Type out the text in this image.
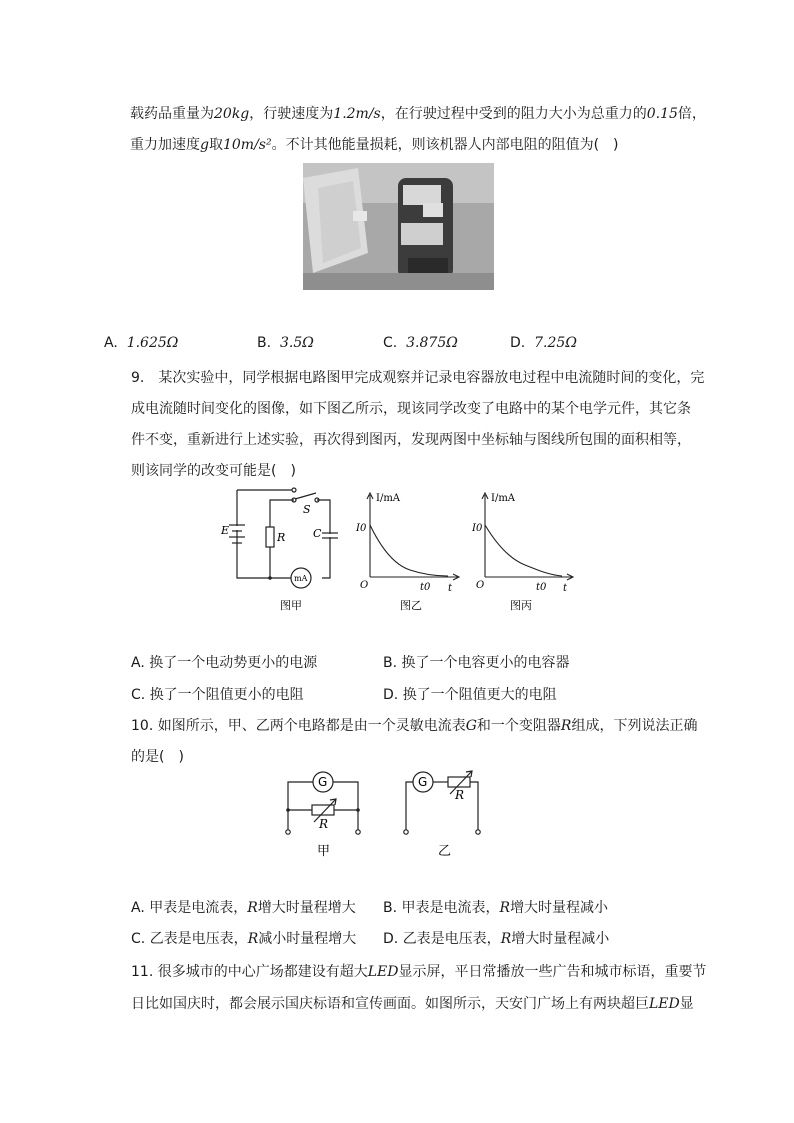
载药品重量为20kg，行驶速度为1.2m/s，在行驶过程中受到的阻力大小为总重力的0.15倍，
重力加速度g取10m/s²。不计其他能量损耗，则该机器人内部电阻的阻值为(　)
A. 1.625Ω	B. 3.5Ω	C. 3.875Ω	D. 7.25Ω
9.　某次实验中，同学根据电路图甲完成观察并记录电容器放电过程中电流随时间的变化，完
成电流随时间变化的图像，如下图乙所示，现该同学改变了电路中的某个电学元件，其它条
件不变，重新进行上述实验，再次得到图丙，发现两图中坐标轴与图线所包围的面积相等，
则该同学的改变可能是(　)
E
R
S
C
mA
图甲
I/mA
I0
t0
O	t
图乙
I/mA
I0
t0
O	t
图丙
A. 换了一个电动势更小的电源	B. 换了一个电容更小的电容器
C. 换了一个阻值更小的电阻	D. 换了一个阻值更大的电阻
10. 如图所示，甲、乙两个电路都是由一个灵敏电流表G和一个变阻器R组成，下列说法正确
的是(　)
G
R
甲
G
R
乙
A. 甲表是电流表，R增大时量程增大 B. 甲表是电流表，R增大时量程减小
C. 乙表是电压表，R减小时量程增大 D. 乙表是电压表，R增大时量程减小
11. 很多城市的中心广场都建设有超大LED显示屏，平日常播放一些广告和城市标语，重要节
日比如国庆时，都会展示国庆标语和宣传画面。如图所示，天安门广场上有两块超巨LED显
